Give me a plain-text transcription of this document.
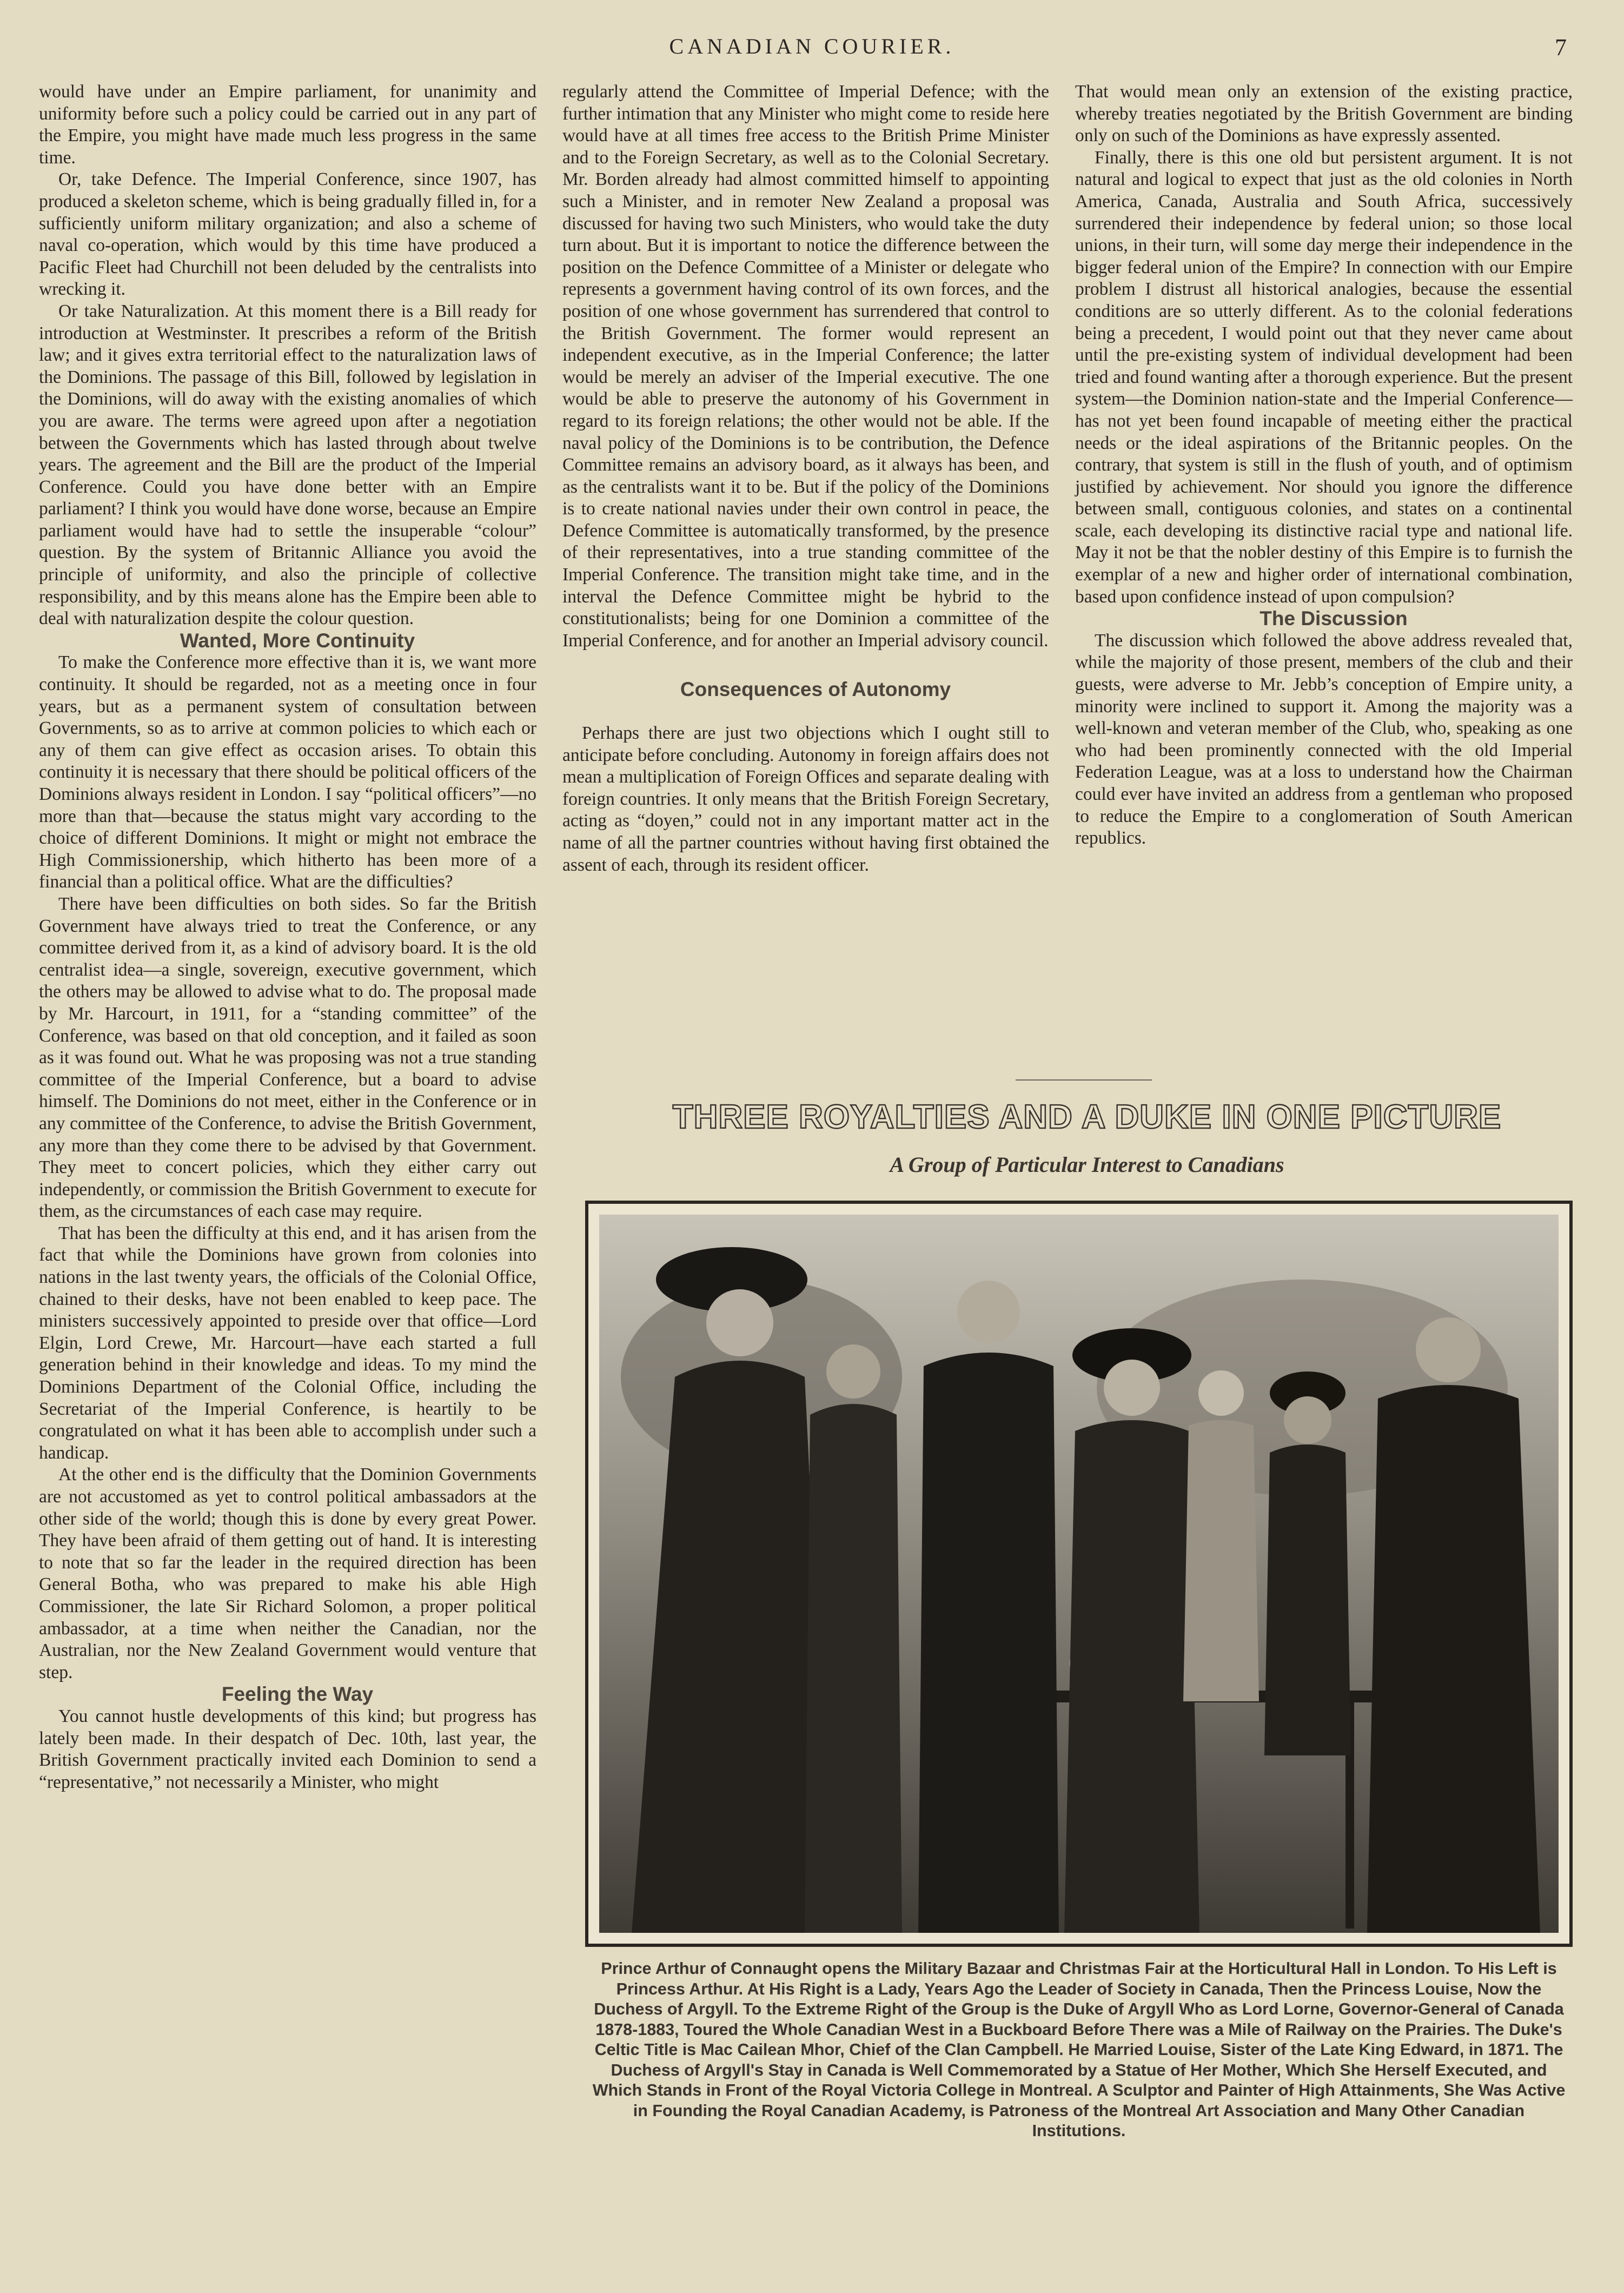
CANADIAN COURIER.	7

would have under an Empire parliament, for unanimity and uniformity before such a policy could be carried out in any part of the Empire, you might have made much less progress in the same time.

Or, take Defence. The Imperial Conference, since 1907, has produced a skeleton scheme, which is being gradually filled in, for a sufficiently uniform military organization; and also a scheme of naval co-operation, which would by this time have produced a Pacific Fleet had Churchill not been deluded by the centralists into wrecking it.

Or take Naturalization. At this moment there is a Bill ready for introduction at Westminster. It prescribes a reform of the British law; and it gives extra territorial effect to the naturalization laws of the Dominions. The passage of this Bill, followed by legislation in the Dominions, will do away with the existing anomalies of which you are aware. The terms were agreed upon after a negotiation between the Governments which has lasted through about twelve years. The agreement and the Bill are the product of the Imperial Conference. Could you have done better with an Empire parliament? I think you would have done worse, because an Empire parliament would have had to settle the insuperable “colour” question. By the system of Britannic Alliance you avoid the principle of uniformity, and also the principle of collective responsibility, and by this means alone has the Empire been able to deal with naturalization despite the colour question.

Wanted, More Continuity

To make the Conference more effective than it is, we want more continuity. It should be regarded, not as a meeting once in four years, but as a permanent system of consultation between Governments, so as to arrive at common policies to which each or any of them can give effect as occasion arises. To obtain this continuity it is necessary that there should be political officers of the Dominions always resident in London. I say “political officers”—no more than that—because the status might vary according to the choice of different Dominions. It might or might not embrace the High Commissionership, which hitherto has been more of a financial than a political office. What are the difficulties?

There have been difficulties on both sides. So far the British Government have always tried to treat the Conference, or any committee derived from it, as a kind of advisory board. It is the old centralist idea—a single, sovereign, executive government, which the others may be allowed to advise what to do. The proposal made by Mr. Harcourt, in 1911, for a “standing committee” of the Conference, was based on that old conception, and it failed as soon as it was found out. What he was proposing was not a true standing committee of the Imperial Conference, but a board to advise himself. The Dominions do not meet, either in the Conference or in any committee of the Conference, to advise the British Government, any more than they come there to be advised by that Government. They meet to concert policies, which they either carry out independently, or commission the British Government to execute for them, as the circumstances of each case may require.

That has been the difficulty at this end, and it has arisen from the fact that while the Dominions have grown from colonies into nations in the last twenty years, the officials of the Colonial Office, chained to their desks, have not been enabled to keep pace. The ministers successively appointed to preside over that office—Lord Elgin, Lord Crewe, Mr. Harcourt—have each started a full generation behind in their knowledge and ideas. To my mind the Dominions Department of the Colonial Office, including the Secretariat of the Imperial Conference, is heartily to be congratulated on what it has been able to accomplish under such a handicap.

At the other end is the difficulty that the Dominion Governments are not accustomed as yet to control political ambassadors at the other side of the world; though this is done by every great Power. They have been afraid of them getting out of hand. It is interesting to note that so far the leader in the required direction has been General Botha, who was prepared to make his able High Commissioner, the late Sir Richard Solomon, a proper political ambassador, at a time when neither the Canadian, nor the Australian, nor the New Zealand Government would venture that step.

Feeling the Way

You cannot hustle developments of this kind; but progress has lately been made. In their despatch of Dec. 10th, last year, the British Government practically invited each Dominion to send a “representative,” not necessarily a Minister, who might

regularly attend the Committee of Imperial Defence; with the further intimation that any Minister who might come to reside here would have at all times free access to the British Prime Minister and to the Foreign Secretary, as well as to the Colonial Secretary. Mr. Borden already had almost committed himself to appointing such a Minister, and in remoter New Zealand a proposal was discussed for having two such Ministers, who would take the duty turn about. But it is important to notice the difference between the position on the Defence Committee of a Minister or delegate who represents a government having control of its own forces, and the position of one whose government has surrendered that control to the British Government. The former would represent an independent executive, as in the Imperial Conference; the latter would be merely an adviser of the Imperial executive. The one would be able to preserve the autonomy of his Government in regard to its foreign relations; the other would not be able. If the naval policy of the Dominions is to be contribution, the Defence Committee remains an advisory board, as it always has been, and as the centralists want it to be. But if the policy of the Dominions is to create national navies under their own control in peace, the Defence Committee is automatically transformed, by the presence of their representatives, into a true standing committee of the Imperial Conference. The transition might take time, and in the interval the Defence Committee might be hybrid to the constitutionalists; being for one Dominion a committee of the Imperial Conference, and for another an Imperial advisory council.

Consequences of Autonomy

Perhaps there are just two objections which I ought still to anticipate before concluding. Autonomy in foreign affairs does not mean a multiplication of Foreign Offices and separate dealing with foreign countries. It only means that the British Foreign Secretary, acting as “doyen,” could not in any important matter act in the name of all the partner countries without having first obtained the assent of each, through its resident officer.

That would mean only an extension of the existing practice, whereby treaties negotiated by the British Government are binding only on such of the Dominions as have expressly assented.

Finally, there is this one old but persistent argument. It is not natural and logical to expect that just as the old colonies in North America, Canada, Australia and South Africa, successively surrendered their independence by federal union; so those local unions, in their turn, will some day merge their independence in the bigger federal union of the Empire? In connection with our Empire problem I distrust all historical analogies, because the essential conditions are so utterly different. As to the colonial federations being a precedent, I would point out that they never came about until the pre-existing system of individual development had been tried and found wanting after a thorough experience. But the present system—the Dominion nation-state and the Imperial Conference—has not yet been found incapable of meeting either the practical needs or the ideal aspirations of the Britannic peoples. On the contrary, that system is still in the flush of youth, and of optimism justified by achievement. Nor should you ignore the difference between small, contiguous colonies, and states on a continental scale, each developing its distinctive racial type and national life. May it not be that the nobler destiny of this Empire is to furnish the exemplar of a new and higher order of international combination, based upon confidence instead of upon compulsion?

The Discussion

The discussion which followed the above address revealed that, while the majority of those present, members of the club and their guests, were adverse to Mr. Jebb’s conception of Empire unity, a minority were inclined to support it. Among the majority was a well-known and veteran member of the Club, who, speaking as one who had been prominently connected with the old Imperial Federation League, was at a loss to understand how the Chairman could ever have invited an address from a gentleman who proposed to reduce the Empire to a conglomeration of South American republics.

THREE ROYALTIES AND A DUKE IN ONE PICTURE
A Group of Particular Interest to Canadians
Prince Arthur of Connaught opens the Military Bazaar and Christmas Fair at the Horticultural Hall in London. To His Left is Princess Arthur. At His Right is a Lady, Years Ago the Leader of Society in Canada, Then the Princess Louise, Now the Duchess of Argyll. To the Extreme Right of the Group is the Duke of Argyll Who as Lord Lorne, Governor-General of Canada 1878-1883, Toured the Whole Canadian West in a Buckboard Before There was a Mile of Railway on the Prairies. The Duke's Celtic Title is Mac Cailean Mhor, Chief of the Clan Campbell. He Married Louise, Sister of the Late King Edward, in 1871. The Duchess of Argyll's Stay in Canada is Well Commemorated by a Statue of Her Mother, Which She Herself Executed, and Which Stands in Front of the Royal Victoria College in Montreal. A Sculptor and Painter of High Attainments, She Was Active in Founding the Royal Canadian Academy, is Patroness of the Montreal Art Association and Many Other Canadian Institutions.
